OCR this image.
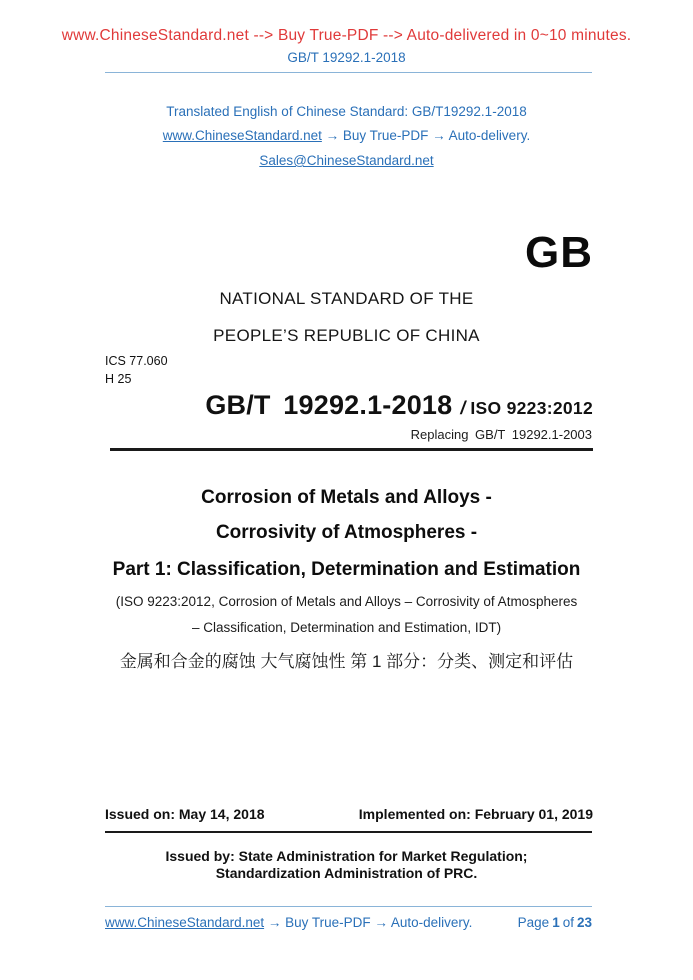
www.ChineseStandard.net --> Buy True-PDF --> Auto-delivered in 0~10 minutes.
GB/T 19292.1-2018
Translated English of Chinese Standard: GB/T19292.1-2018
www.ChineseStandard.net → Buy True-PDF → Auto-delivery.
Sales@ChineseStandard.net
GB
NATIONAL STANDARD OF THE
PEOPLE’S REPUBLIC OF CHINA
ICS 77.060
H 25
GB/T 19292.1-2018 / ISO 9223:2012
Replacing GB/T 19292.1-2003
Corrosion of Metals and Alloys -
Corrosivity of Atmospheres -
Part 1: Classification, Determination and Estimation
(ISO 9223:2012, Corrosion of Metals and Alloys – Corrosivity of Atmospheres
– Classification, Determination and Estimation, IDT)
金属和合金的腐蚀 大气腐蚀性 第 1 部分：分类、测定和评估
Issued on: May 14, 2018	Implemented on: February 01, 2019
Issued by: State Administration for Market Regulation;
Standardization Administration of PRC.
www.ChineseStandard.net → Buy True-PDF → Auto-delivery.	Page 1 of 23
